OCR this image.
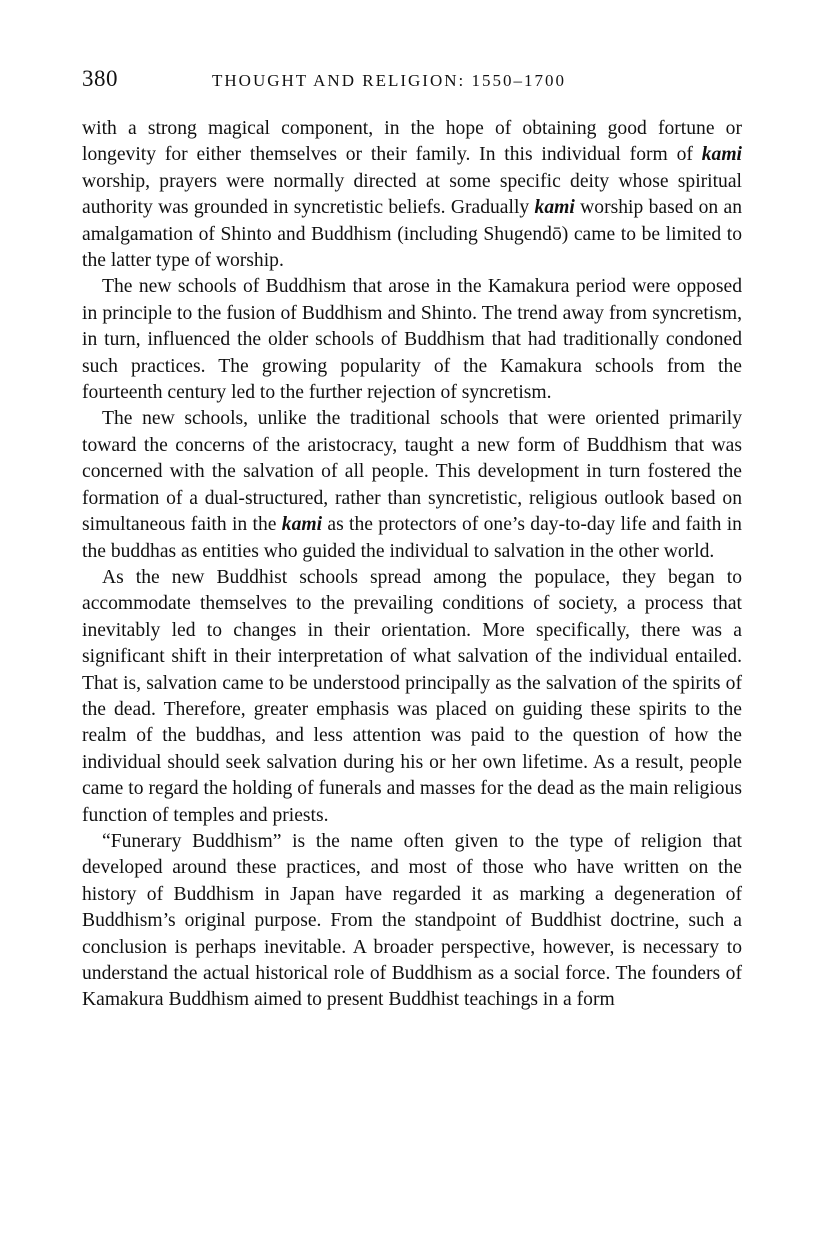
380	THOUGHT AND RELIGION: 1550–1700

with a strong magical component, in the hope of obtaining good fortune or longevity for either themselves or their family. In this individual form of kami worship, prayers were normally directed at some specific deity whose spiritual authority was grounded in syncretistic beliefs. Gradually kami worship based on an amalgamation of Shinto and Buddhism (including Shugendō) came to be limited to the latter type of worship.

The new schools of Buddhism that arose in the Kamakura period were opposed in principle to the fusion of Buddhism and Shinto. The trend away from syncretism, in turn, influenced the older schools of Buddhism that had traditionally condoned such practices. The growing popularity of the Kamakura schools from the fourteenth century led to the further rejection of syncretism.

The new schools, unlike the traditional schools that were oriented primarily toward the concerns of the aristocracy, taught a new form of Buddhism that was concerned with the salvation of all people. This development in turn fostered the formation of a dual-structured, rather than syncretistic, religious outlook based on simultaneous faith in the kami as the protectors of one’s day-to-day life and faith in the buddhas as entities who guided the individual to salvation in the other world.

As the new Buddhist schools spread among the populace, they began to accommodate themselves to the prevailing conditions of society, a process that inevitably led to changes in their orientation. More specifically, there was a significant shift in their interpretation of what salvation of the individual entailed. That is, salvation came to be understood principally as the salvation of the spirits of the dead. Therefore, greater emphasis was placed on guiding these spirits to the realm of the buddhas, and less attention was paid to the question of how the individual should seek salvation during his or her own lifetime. As a result, people came to regard the holding of funerals and masses for the dead as the main religious function of temples and priests.

“Funerary Buddhism” is the name often given to the type of religion that developed around these practices, and most of those who have written on the history of Buddhism in Japan have regarded it as marking a degeneration of Buddhism’s original purpose. From the standpoint of Buddhist doctrine, such a conclusion is perhaps inevitable. A broader perspective, however, is necessary to understand the actual historical role of Buddhism as a social force. The founders of Kamakura Buddhism aimed to present Buddhist teachings in a form
